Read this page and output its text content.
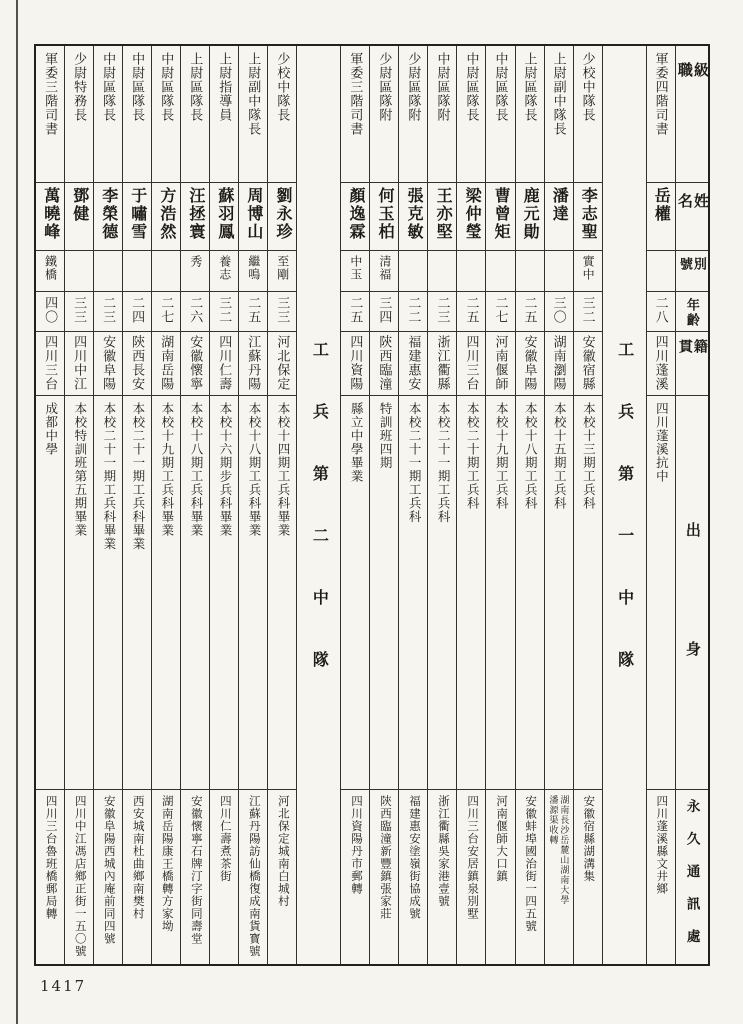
級職
姓名
別號
年齡
籍貫
出身
永久通訊處
軍委四階司書
岳權
二八
四川蓬溪
四川蓬溪抗中
四川蓬溪縣文井鄉
工兵第一中隊
少校中隊長
李志聖
實中
三二
安徽宿縣
本校十三期工兵科
安徽宿縣湖溝集
上尉副中隊長
潘達
三〇
湖南瀏陽
本校十五期工兵科
湖南長沙岳麓山湖南大學潘源渠收轉
上尉區隊長
鹿元勛
二五
安徽阜陽
本校十八期工兵科
安徽蚌埠國治街一四五號
中尉區隊長
曹曾矩
二七
河南偃師
本校十九期工兵科
河南偃師大口鎮
中尉區隊長
梁仲瑩
二五
四川三台
本校二十期工兵科
四川三台安居鎮泉別墅
中尉區隊附
王亦堅
二三
浙江衢縣
本校二十一期工兵科
浙江衢縣吳家港壹號
少尉區隊附
張克敏
二二
福建惠安
本校二十一期工兵科
福建惠安塗嶺街協成號
少尉區隊附
何玉柏
清福
三四
陝西臨潼
特訓班四期
陝西臨潼新豐鎮張家莊
軍委三階司書
顏逸霖
中玉
二五
四川資陽
縣立中學畢業
四川資陽丹市郵轉
工兵第二中隊
少校中隊長
劉永珍
至剛
三三
河北保定
本校十四期工兵科畢業
河北保定城南白城村
上尉副中隊長
周博山
繼鳴
二五
江蘇丹陽
本校十八期工兵科畢業
江蘇丹陽訪仙橋復成南貨寳號
上尉指導員
蘇羽鳳
養志
三二
四川仁壽
本校十六期步兵科畢業
四川仁壽煮茶街
上尉區隊長
汪拯寰
秀
二六
安徽懷寧
本校十八期工兵科畢業
安徽懷寧石牌汀字街同壽堂
中尉區隊長
方浩然
二七
湖南岳陽
本校十九期工兵科畢業
湖南岳陽康王橋轉方家坳
中尉區隊長
于嘯雪
二四
陝西長安
本校二十一期工兵科畢業
西安城南杜曲鄉南樊村
中尉區隊長
李榮德
二三
安徽阜陽
本校二十一期工兵科畢業
安徽阜陽西城內庵前同四號
少尉特務長
鄧健
三三
四川中江
本校特訓班第五期畢業
四川中江馮店鄉正街一五〇號
軍委三階司書
萬曉峰
鐵橋
四〇
四川三台
成都中學
四川三台魯班橋郵局轉
1417
